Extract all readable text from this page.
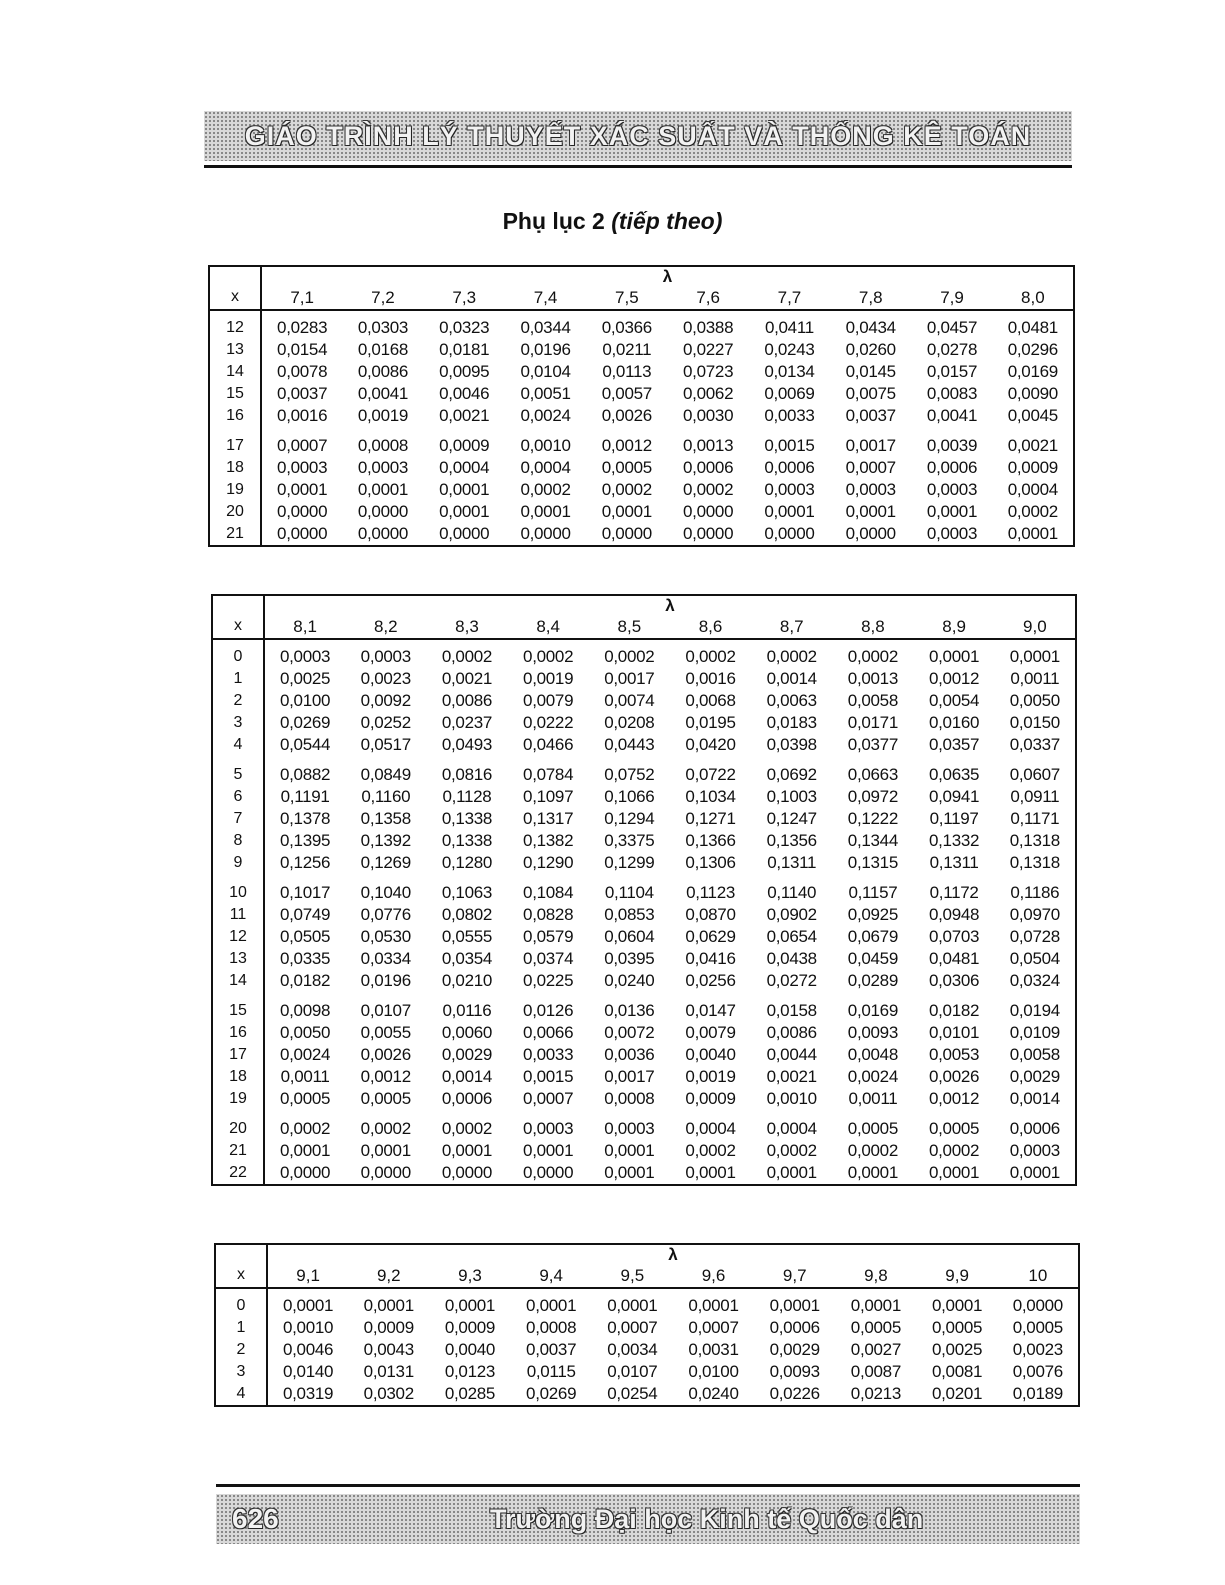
GIÁO TRÌNH LÝ THUYẾT XÁC SUẤT VÀ THỐNG KÊ TOÁN
Phụ lục 2 (tiếp theo)
x	λ									
	7,1	7,2	7,3	7,4	7,5	7,6	7,7	7,8	7,9	8,0
12	0,0283	0,0303	0,0323	0,0344	0,0366	0,0388	0,0411	0,0434	0,0457	0,0481
13	0,0154	0,0168	0,0181	0,0196	0,0211	0,0227	0,0243	0,0260	0,0278	0,0296
14	0,0078	0,0086	0,0095	0,0104	0,0113	0,0723	0,0134	0,0145	0,0157	0,0169
15	0,0037	0,0041	0,0046	0,0051	0,0057	0,0062	0,0069	0,0075	0,0083	0,0090
16	0,0016	0,0019	0,0021	0,0024	0,0026	0,0030	0,0033	0,0037	0,0041	0,0045
17	0,0007	0,0008	0,0009	0,0010	0,0012	0,0013	0,0015	0,0017	0,0039	0,0021
18	0,0003	0,0003	0,0004	0,0004	0,0005	0,0006	0,0006	0,0007	0,0006	0,0009
19	0,0001	0,0001	0,0001	0,0002	0,0002	0,0002	0,0003	0,0003	0,0003	0,0004
20	0,0000	0,0000	0,0001	0,0001	0,0001	0,0000	0,0001	0,0001	0,0001	0,0002
21	0,0000	0,0000	0,0000	0,0000	0,0000	0,0000	0,0000	0,0000	0,0003	0,0001
x	λ									
	8,1	8,2	8,3	8,4	8,5	8,6	8,7	8,8	8,9	9,0
0	0,0003	0,0003	0,0002	0,0002	0,0002	0,0002	0,0002	0,0002	0,0001	0,0001
1	0,0025	0,0023	0,0021	0,0019	0,0017	0,0016	0,0014	0,0013	0,0012	0,0011
2	0,0100	0,0092	0,0086	0,0079	0,0074	0,0068	0,0063	0,0058	0,0054	0,0050
3	0,0269	0,0252	0,0237	0,0222	0,0208	0,0195	0,0183	0,0171	0,0160	0,0150
4	0,0544	0,0517	0,0493	0,0466	0,0443	0,0420	0,0398	0,0377	0,0357	0,0337
5	0,0882	0,0849	0,0816	0,0784	0,0752	0,0722	0,0692	0,0663	0,0635	0,0607
6	0,1191	0,1160	0,1128	0,1097	0,1066	0,1034	0,1003	0,0972	0,0941	0,0911
7	0,1378	0,1358	0,1338	0,1317	0,1294	0,1271	0,1247	0,1222	0,1197	0,1171
8	0,1395	0,1392	0,1338	0,1382	0,3375	0,1366	0,1356	0,1344	0,1332	0,1318
9	0,1256	0,1269	0,1280	0,1290	0,1299	0,1306	0,1311	0,1315	0,1311	0,1318
10	0,1017	0,1040	0,1063	0,1084	0,1104	0,1123	0,1140	0,1157	0,1172	0,1186
11	0,0749	0,0776	0,0802	0,0828	0,0853	0,0870	0,0902	0,0925	0,0948	0,0970
12	0,0505	0,0530	0,0555	0,0579	0,0604	0,0629	0,0654	0,0679	0,0703	0,0728
13	0,0335	0,0334	0,0354	0,0374	0,0395	0,0416	0,0438	0,0459	0,0481	0,0504
14	0,0182	0,0196	0,0210	0,0225	0,0240	0,0256	0,0272	0,0289	0,0306	0,0324
15	0,0098	0,0107	0,0116	0,0126	0,0136	0,0147	0,0158	0,0169	0,0182	0,0194
16	0,0050	0,0055	0,0060	0,0066	0,0072	0,0079	0,0086	0,0093	0,0101	0,0109
17	0,0024	0,0026	0,0029	0,0033	0,0036	0,0040	0,0044	0,0048	0,0053	0,0058
18	0,0011	0,0012	0,0014	0,0015	0,0017	0,0019	0,0021	0,0024	0,0026	0,0029
19	0,0005	0,0005	0,0006	0,0007	0,0008	0,0009	0,0010	0,0011	0,0012	0,0014
20	0,0002	0,0002	0,0002	0,0003	0,0003	0,0004	0,0004	0,0005	0,0005	0,0006
21	0,0001	0,0001	0,0001	0,0001	0,0001	0,0002	0,0002	0,0002	0,0002	0,0003
22	0,0000	0,0000	0,0000	0,0000	0,0001	0,0001	0,0001	0,0001	0,0001	0,0001
x	λ									
	9,1	9,2	9,3	9,4	9,5	9,6	9,7	9,8	9,9	10
0	0,0001	0,0001	0,0001	0,0001	0,0001	0,0001	0,0001	0,0001	0,0001	0,0000
1	0,0010	0,0009	0,0009	0,0008	0,0007	0,0007	0,0006	0,0005	0,0005	0,0005
2	0,0046	0,0043	0,0040	0,0037	0,0034	0,0031	0,0029	0,0027	0,0025	0,0023
3	0,0140	0,0131	0,0123	0,0115	0,0107	0,0100	0,0093	0,0087	0,0081	0,0076
4	0,0319	0,0302	0,0285	0,0269	0,0254	0,0240	0,0226	0,0213	0,0201	0,0189
626	Trường Đại học Kinh tế Quốc dân
